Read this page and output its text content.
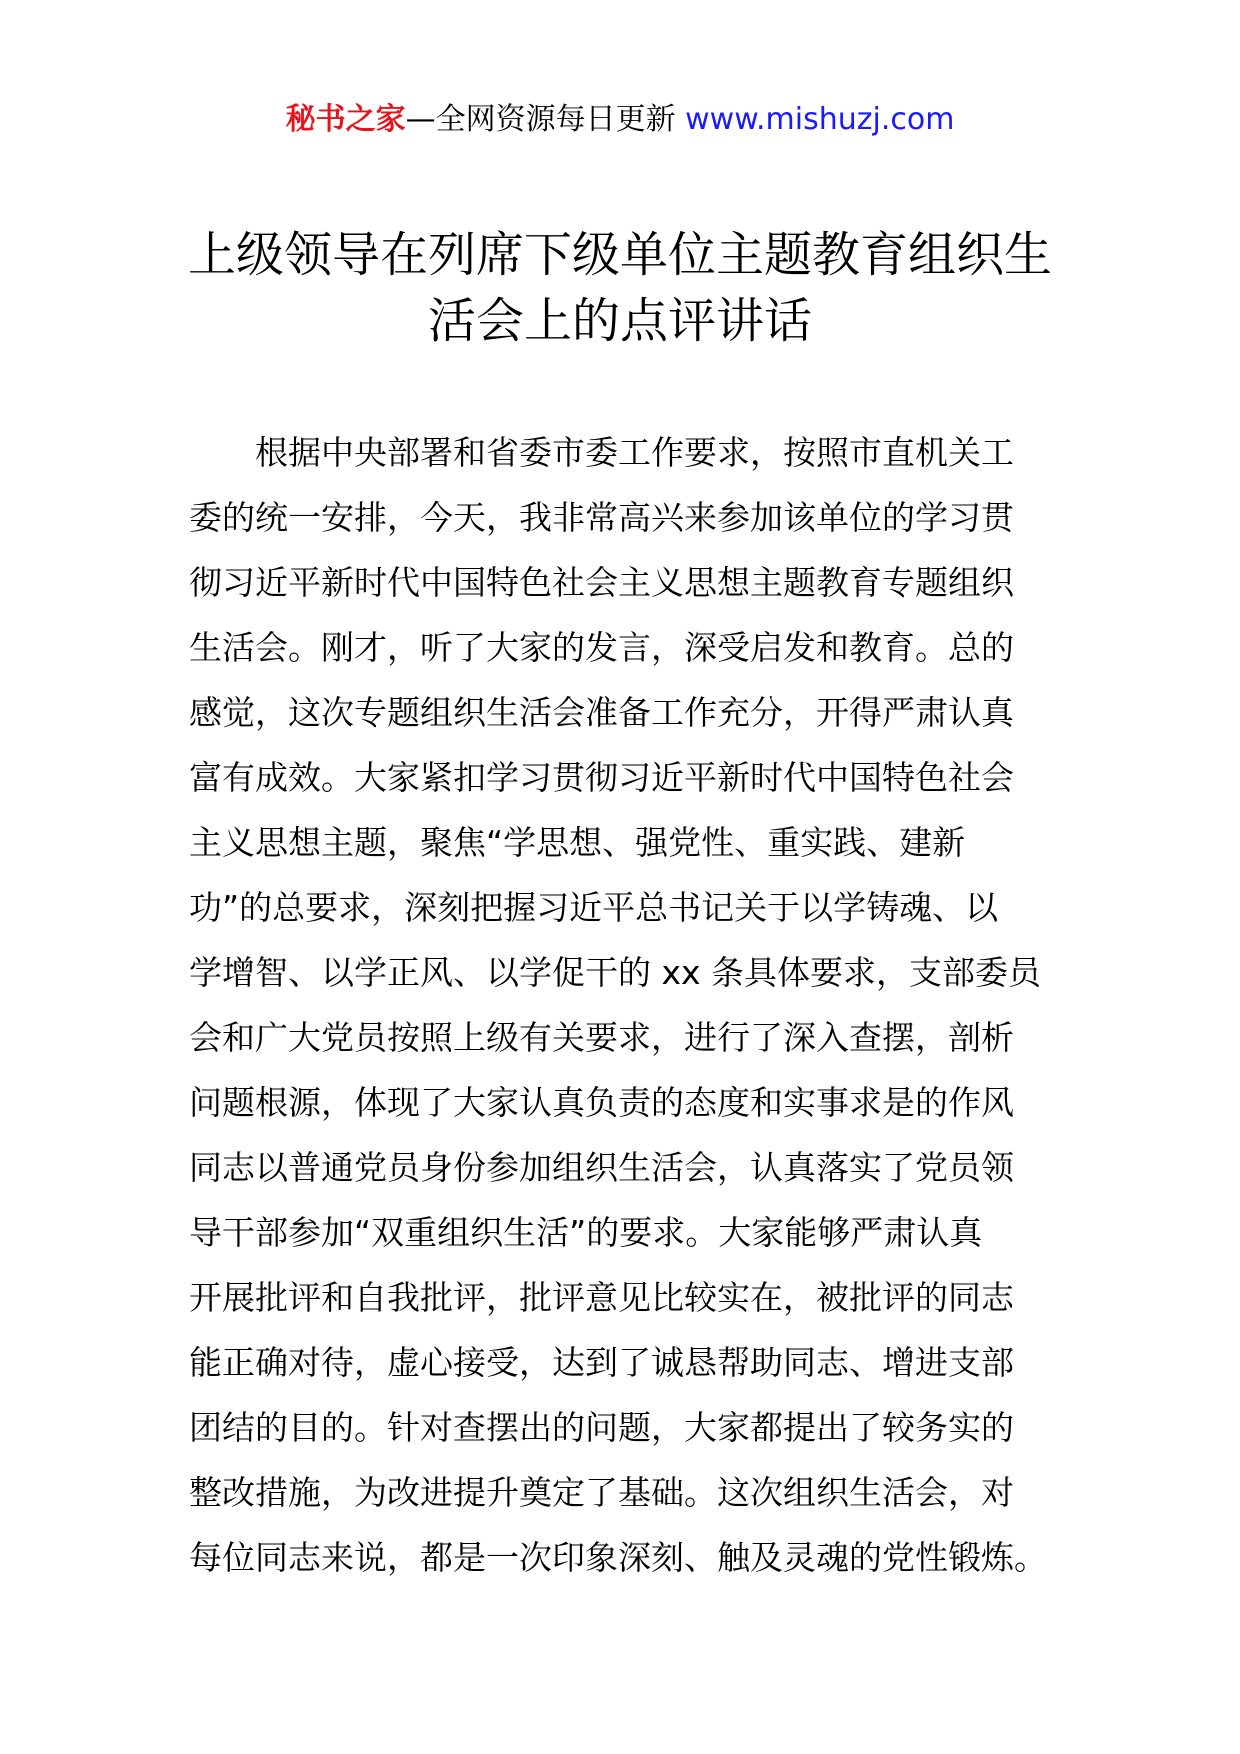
秘书之家—全网资源每日更新 www.mishuzj.com
上级领导在列席下级单位主题教育组织生
活会上的点评讲话

根据中央部署和省委市委工作要求，按照市直机关工
委的统一安排，今天，我非常高兴来参加该单位的学习贯
彻习近平新时代中国特色社会主义思想主题教育专题组织
生活会。刚才，听了大家的发言，深受启发和教育。总的
感觉，这次专题组织生活会准备工作充分，开得严肃认真
富有成效。大家紧扣学习贯彻习近平新时代中国特色社会
主义思想主题，聚焦“学思想、强党性、重实践、建新
功”的总要求，深刻把握习近平总书记关于以学铸魂、以
学增智、以学正风、以学促干的 xx 条具体要求，支部委员
会和广大党员按照上级有关要求，进行了深入查摆，剖析
问题根源，体现了大家认真负责的态度和实事求是的作风
同志以普通党员身份参加组织生活会，认真落实了党员领
导干部参加“双重组织生活”的要求。大家能够严肃认真
开展批评和自我批评，批评意见比较实在，被批评的同志
能正确对待，虚心接受，达到了诚恳帮助同志、增进支部
团结的目的。针对查摆出的问题，大家都提出了较务实的
整改措施，为改进提升奠定了基础。这次组织生活会，对
每位同志来说，都是一次印象深刻、触及灵魂的党性锻炼。
